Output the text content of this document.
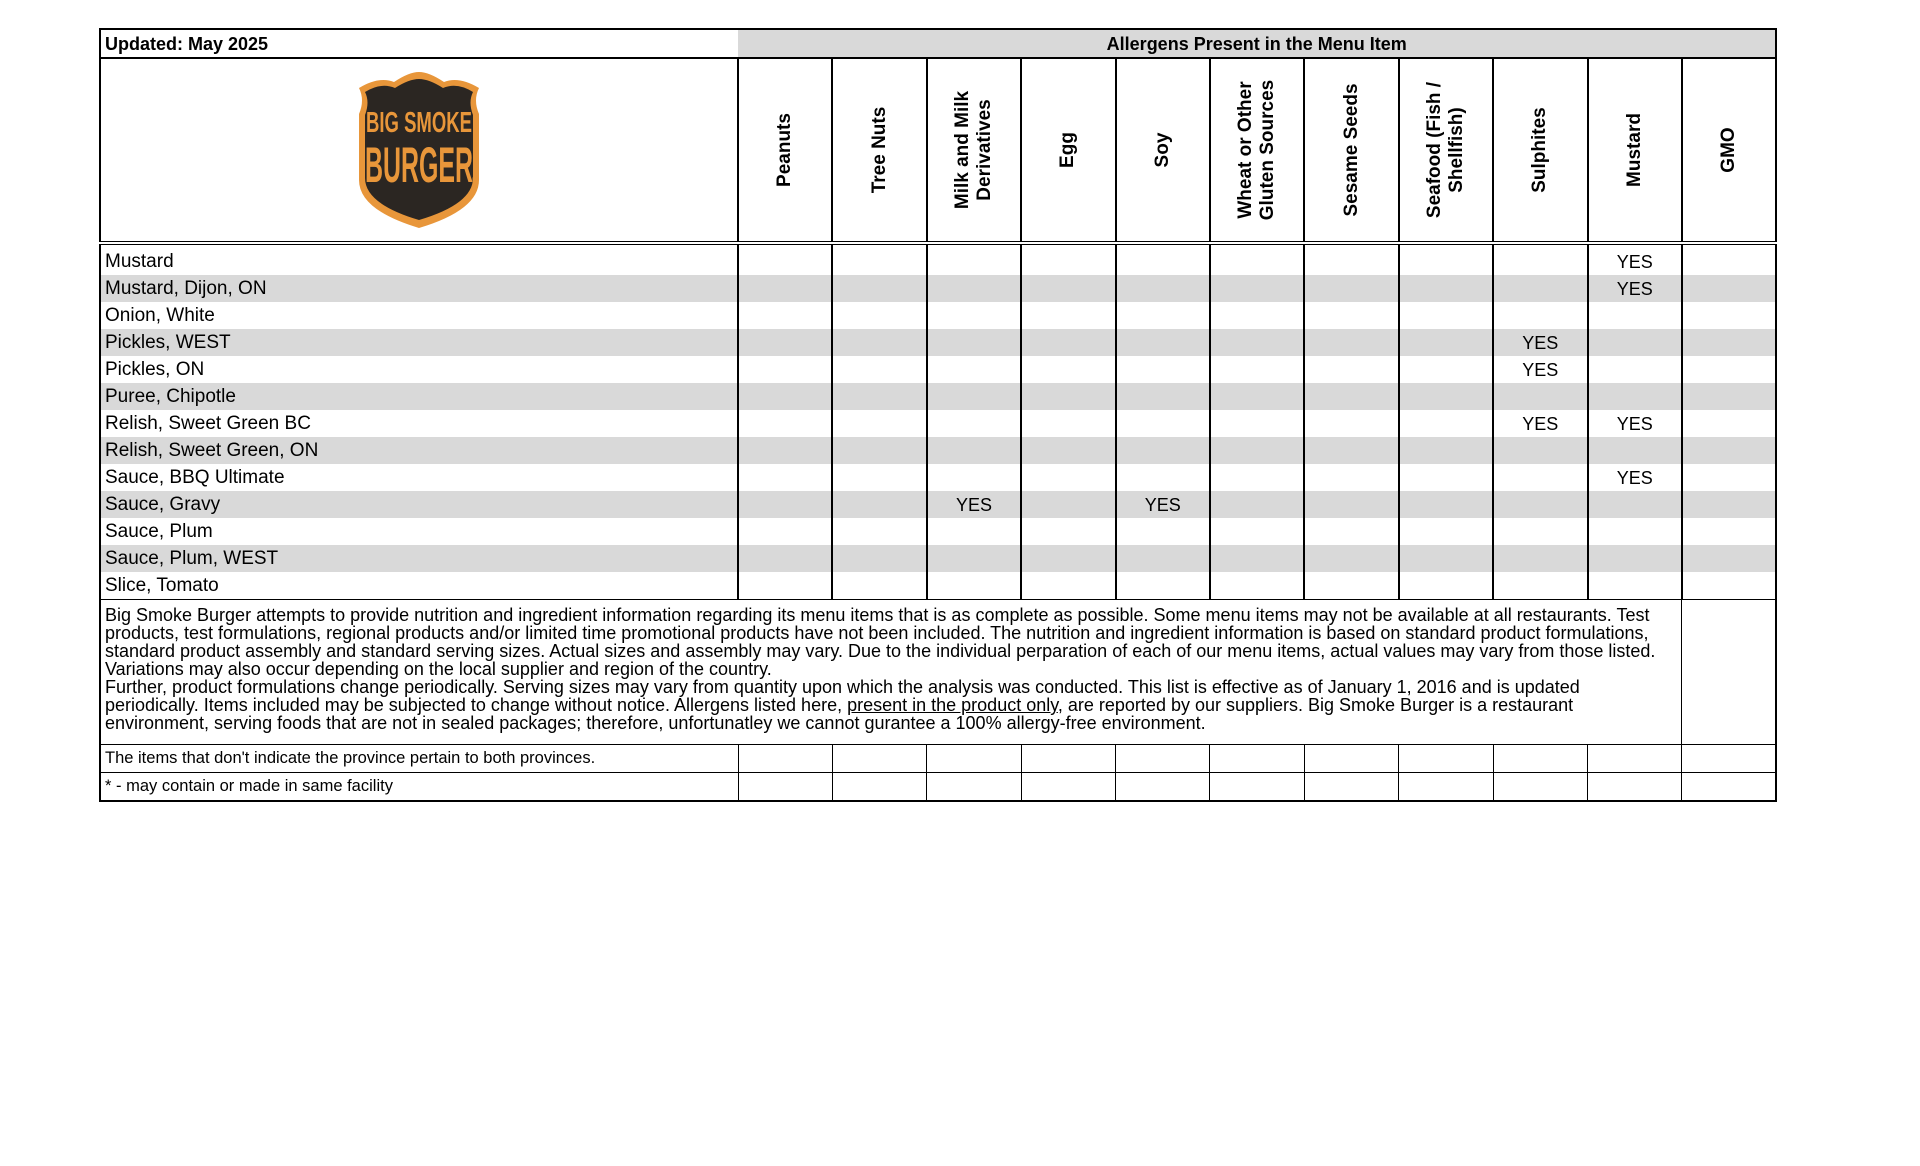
Updated: May 2025	Allergens Present in the Menu Item										

BIG SMOKE
BURGER ®	Peanuts	Tree Nuts	Milk and Milk Derivatives	Egg	Soy	Wheat or Other Gluten Sources	Sesame Seeds	Seafood (Fish / Shellfish)	Sulphites	Mustard	GMO

Mustard										YES	
Mustard, Dijon, ON										YES	
Onion, White											
Pickles, WEST									YES		
Pickles, ON									YES		
Puree, Chipotle											
Relish, Sweet Green BC									YES	YES	
Relish, Sweet Green, ON											
Sauce, BBQ Ultimate										YES	
Sauce, Gravy			YES		YES						
Sauce, Plum											
Sauce, Plum, WEST											
Slice, Tomato											
Big Smoke Burger attempts to provide nutrition and ingredient information regarding its menu items that is as complete as possible. Some menu items may not be available at all restaurants. Test products, test formulations, regional products and/or limited time promotional products have not been included. The nutrition and ingredient information is based on standard product formulations, standard product assembly and standard serving sizes. Actual sizes and assembly may vary. Due to the individual perparation of each of our menu items, actual values may vary from those listed. Variations may also occur depending on the local supplier and region of the country.
Further, product formulations change periodically. Serving sizes may vary from quantity upon which the analysis was conducted. This list is effective as of January 1, 2016 and is updated periodically. Items included may be subjected to change without notice. Allergens listed here, present in the product only, are reported by our suppliers. Big Smoke Burger is a restaurant environment, serving foods that are not in sealed packages; therefore, unfortunatley we cannot gurantee a 100% allergy-free environment.											
The items that don't indicate the province pertain to both provinces.											
* - may contain or made in same facility											
